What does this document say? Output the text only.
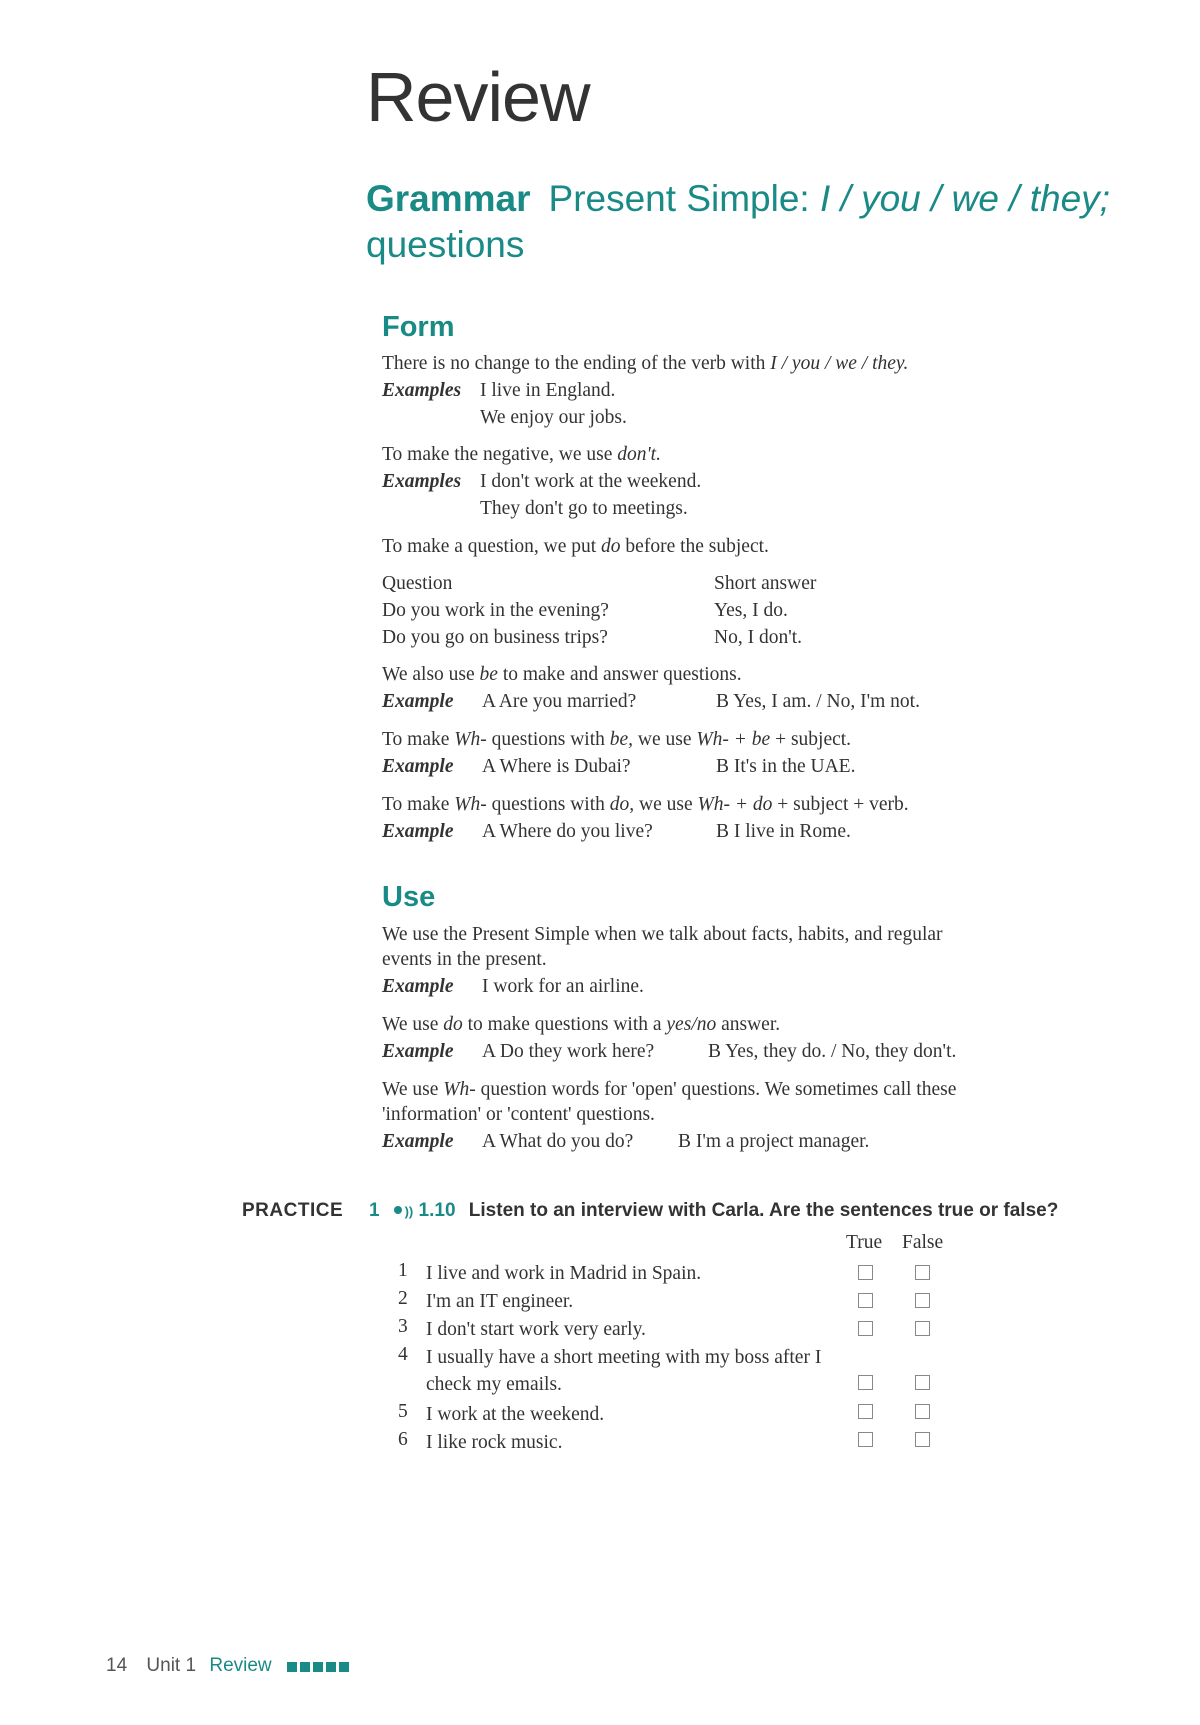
Review
Grammar Present Simple: I / you / we / they;
questions
Form
There is no change to the ending of the verb with I / you / we / they.
Examples I live in England.
We enjoy our jobs.
To make the negative, we use don't.
Examples I don't work at the weekend.
They don't go to meetings.
To make a question, we put do before the subject.
Question	Short answer
Do you work in the evening?	Yes, I do.
Do you go on business trips?	No, I don't.
We also use be to make and answer questions.
Example A Are you married?	B Yes, I am. / No, I'm not.
To make Wh- questions with be, we use Wh- + be + subject.
Example A Where is Dubai?	B It's in the UAE.
To make Wh- questions with do, we use Wh- + do + subject + verb.
Example A Where do you live?	B I live in Rome.
Use
We use the Present Simple when we talk about facts, habits, and regular
events in the present.
Example I work for an airline.
We use do to make questions with a yes/no answer.
Example A Do they work here?	B Yes, they do. / No, they don't.
We use Wh- question words for 'open' questions. We sometimes call these
'information' or 'content' questions.
Example A What do you do? B I'm a project manager.
PRACTICE 1 )) 1.10 Listen to an interview with Carla. Are the sentences true or false?
True False
1 I live and work in Madrid in Spain.
2 I'm an IT engineer.
3 I don't start work very early.
4 I usually have a short meeting with my boss after I check my emails.
5 I work at the weekend.
6 I like rock music.
14 Unit 1 Review
